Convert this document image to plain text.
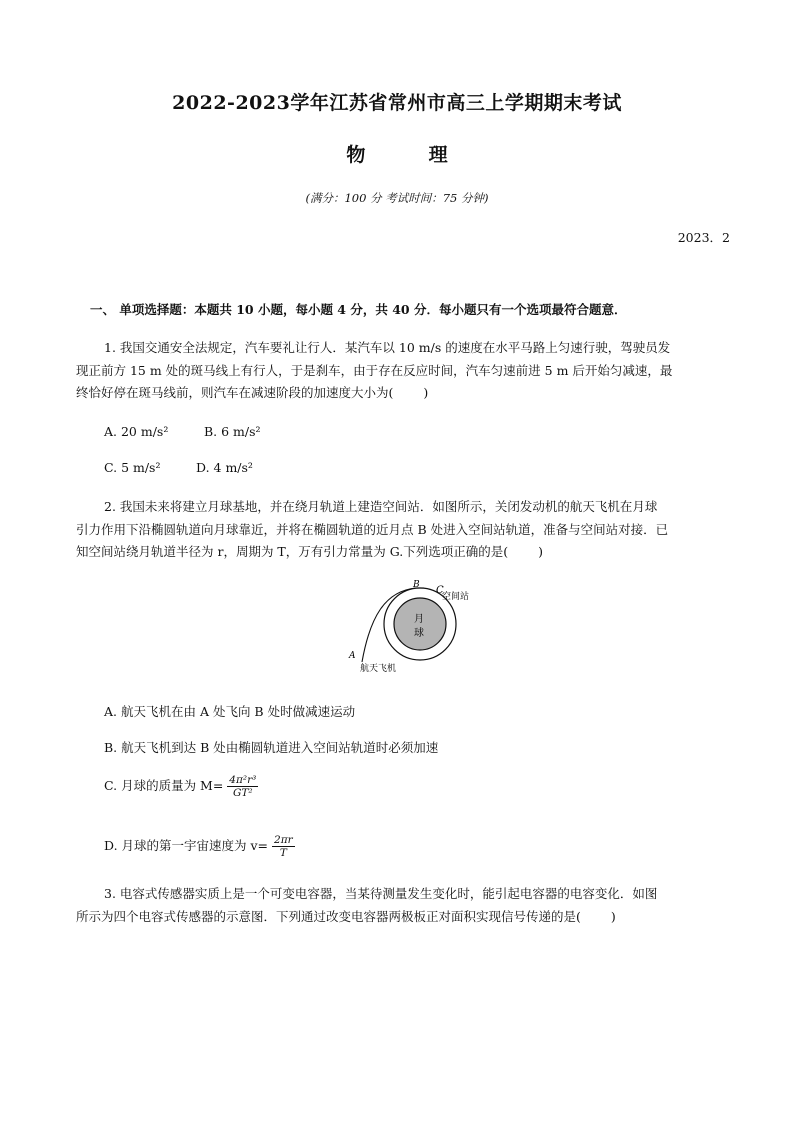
2022-2023学年江苏省常州市高三上学期期末考试
物	理
(满分：100 分 考试时间：75 分钟)
2023．2
一、 单项选择题：本题共 10 小题，每小题 4 分，共 40 分．每小题只有一个选项最符合题意．
1. 我国交通安全法规定，汽车要礼让行人．某汽车以 10 m/s 的速度在水平马路上匀速行驶，驾驶员发
现正前方 15 m 处的斑马线上有行人，于是刹车，由于存在反应时间，汽车匀速前进 5 m 后开始匀减速，最
终恰好停在斑马线前，则汽车在减速阶段的加速度大小为( )
A. 20 m/s²	B. 6 m/s²
C. 5 m/s²	D. 4 m/s²
2. 我国未来将建立月球基地，并在绕月轨道上建造空间站．如图所示，关闭发动机的航天飞机在月球
引力作用下沿椭圆轨道向月球靠近，并将在椭圆轨道的近月点 B 处进入空间站轨道，准备与空间站对接．已
知空间站绕月轨道半径为 r，周期为 T，万有引力常量为 G.下列选项正确的是( )
B C
空间站
月
球
A
航天飞机
A. 航天飞机在由 A 处飞向 B 处时做减速运动
B. 航天飞机到达 B 处由椭圆轨道进入空间站轨道时必须加速
C. 月球的质量为 $M= \frac{\text{4π²r³}}{\text{GT²}}$
D. 月球的第一宇宙速度为 $v= \frac{2\pi r}{T}$
3. 电容式传感器实质上是一个可变电容器，当某待测量发生变化时，能引起电容器的电容变化．如图
所示为四个电容式传感器的示意图．下列通过改变电容器两极板正对面积实现信号传递的是( )
